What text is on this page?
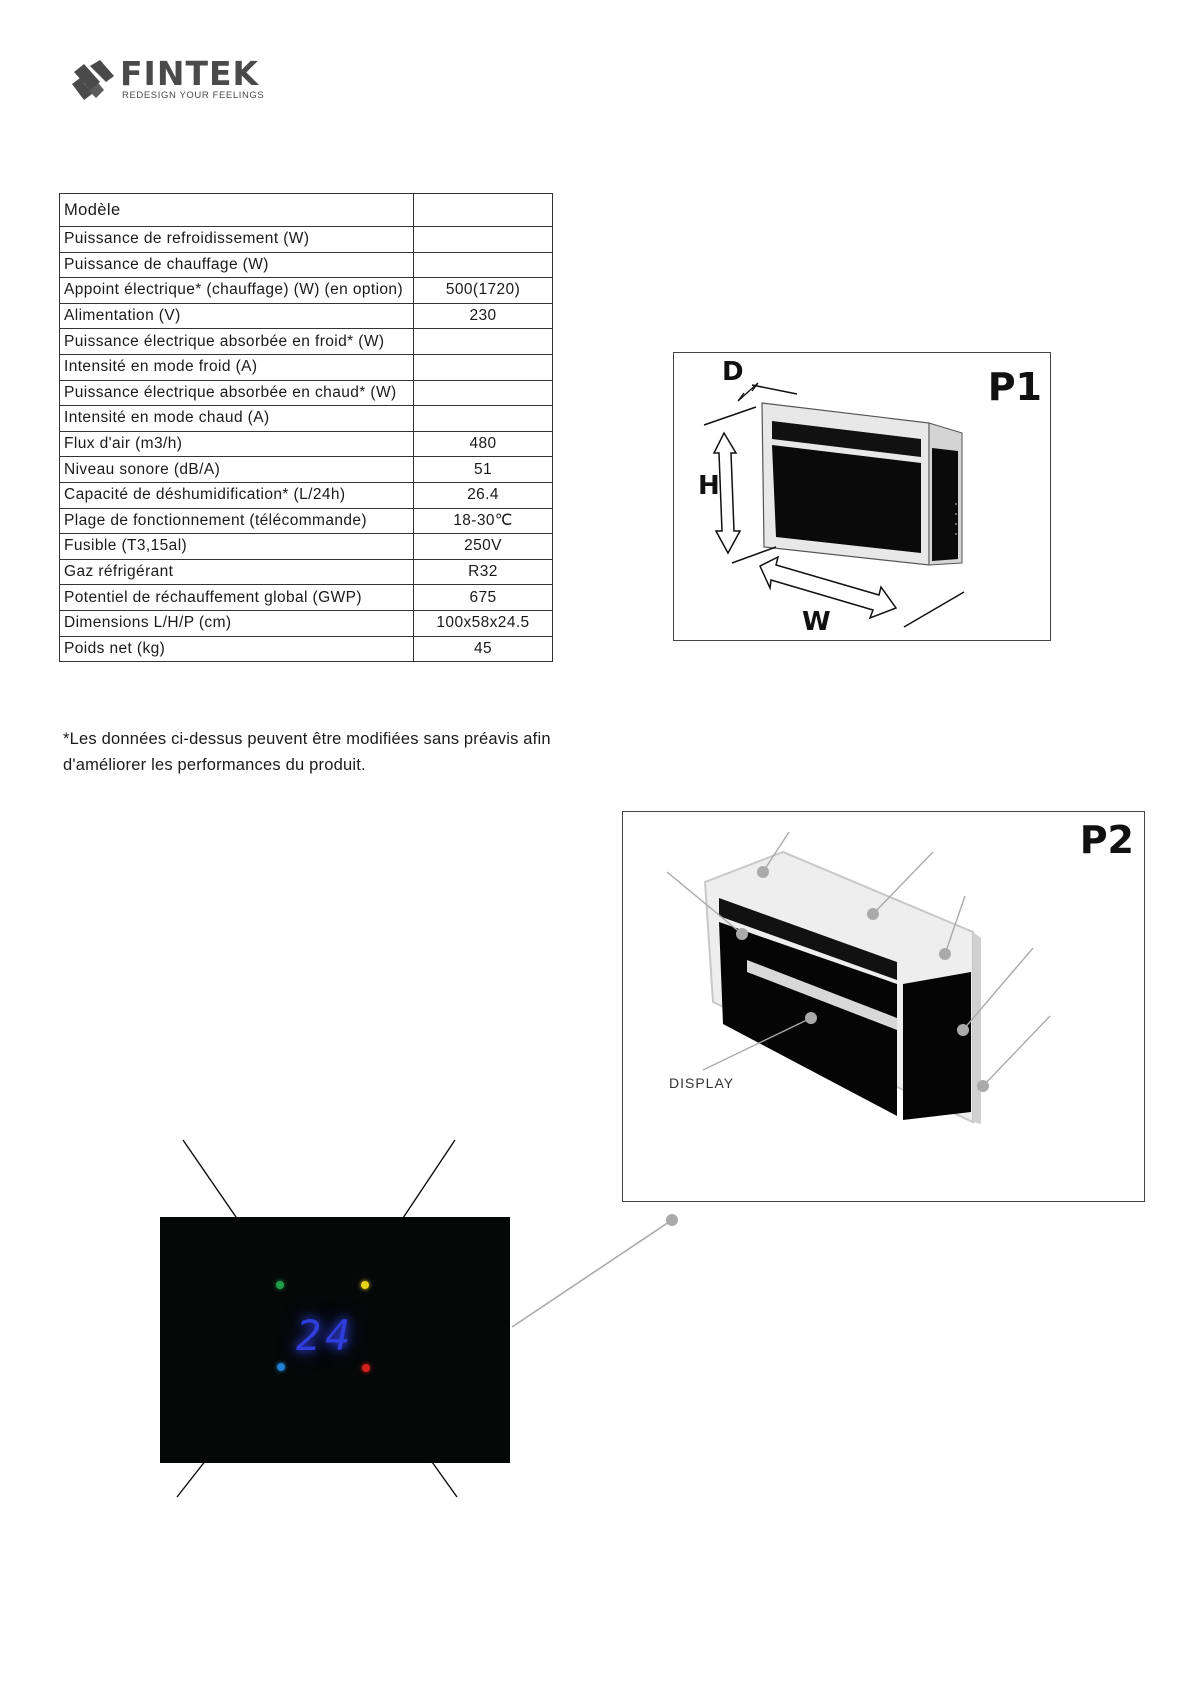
FINTEK
REDESIGN YOUR FEELINGS
Modèle	
Puissance de refroidissement (W)	
Puissance de chauffage (W)	
Appoint électrique* (chauffage) (W) (en option)	500(1720)
Alimentation (V)	230
Puissance électrique absorbée en froid* (W)	
Intensité en mode froid (A)	
Puissance électrique absorbée en chaud* (W)	
Intensité en mode chaud (A)	
Flux d'air (m3/h)	480
Niveau sonore (dB/A)	51
Capacité de déshumidification* (L/24h)	26.4
Plage de fonctionnement (télécommande)	18-30℃
Fusible (T3,15al)	250V
Gaz réfrigérant	R32
Potentiel de réchauffement global (GWP)	675
Dimensions L/H/P (cm)	100x58x24.5
Poids net (kg)	45
*Les données ci-dessus peuvent être modifiées sans préavis afin d'améliorer les performances du produit.
P1
D
H
W
P2
DISPLAY
24
